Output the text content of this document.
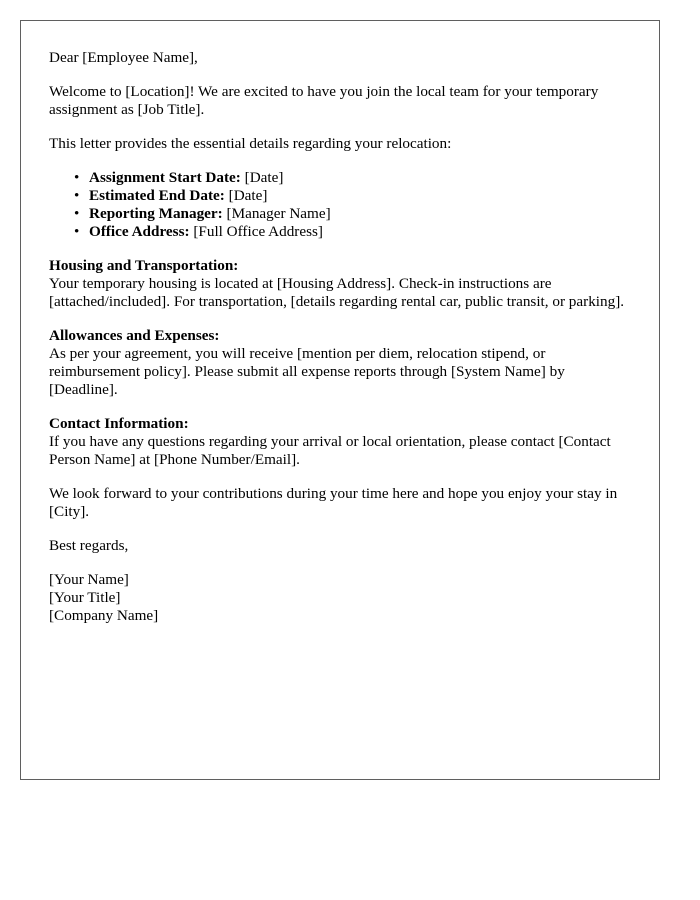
Dear [Employee Name],

Welcome to [Location]! We are excited to have you join the local team for your temporary assignment as [Job Title].

This letter provides the essential details regarding your relocation:

• Assignment Start Date: [Date]
• Estimated End Date: [Date]
• Reporting Manager: [Manager Name]
• Office Address: [Full Office Address]

Housing and Transportation:

Your temporary housing is located at [Housing Address]. Check-in instructions are [attached/included]. For transportation, [details regarding rental car, public transit, or parking].

Allowances and Expenses:

As per your agreement, you will receive [mention per diem, relocation stipend, or reimbursement policy]. Please submit all expense reports through [System Name] by [Deadline].

Contact Information:

If you have any questions regarding your arrival or local orientation, please contact [Contact Person Name] at [Phone Number/Email].

We look forward to your contributions during your time here and hope you enjoy your stay in [City].

Best regards,

[Your Name]
[Your Title]
[Company Name]
